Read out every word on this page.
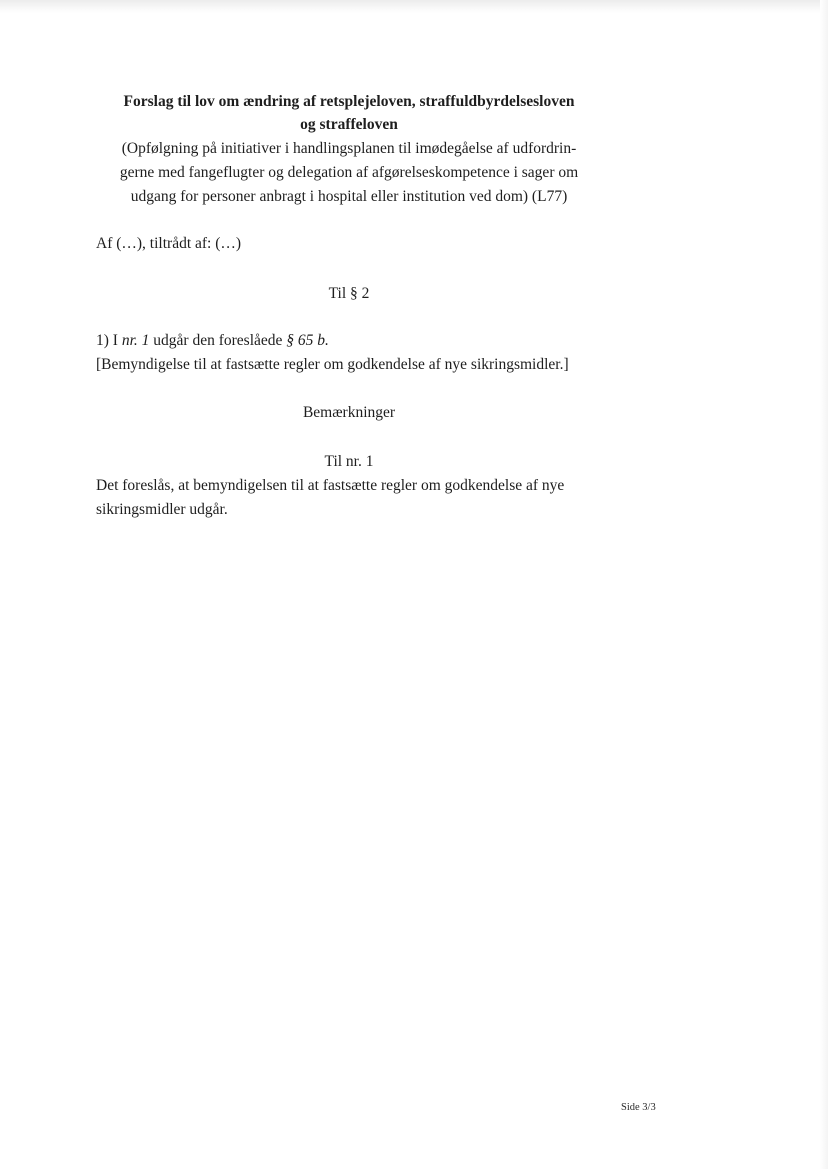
Forslag til lov om ændring af retsplejeloven, straffuldbyrdelsesloven
og straffeloven
(Opfølgning på initiativer i handlingsplanen til imødegåelse af udfordrin-
gerne med fangeflugter og delegation af afgørelseskompetence i sager om
udgang for personer anbragt i hospital eller institution ved dom) (L77)
Af (…), tiltrådt af: (…)
Til § 2
1) I nr. 1 udgår den foreslåede § 65 b.
[Bemyndigelse til at fastsætte regler om godkendelse af nye sikringsmidler.]
Bemærkninger
Til nr. 1
Det foreslås, at bemyndigelsen til at fastsætte regler om godkendelse af nye
sikringsmidler udgår.
Side 3/3
